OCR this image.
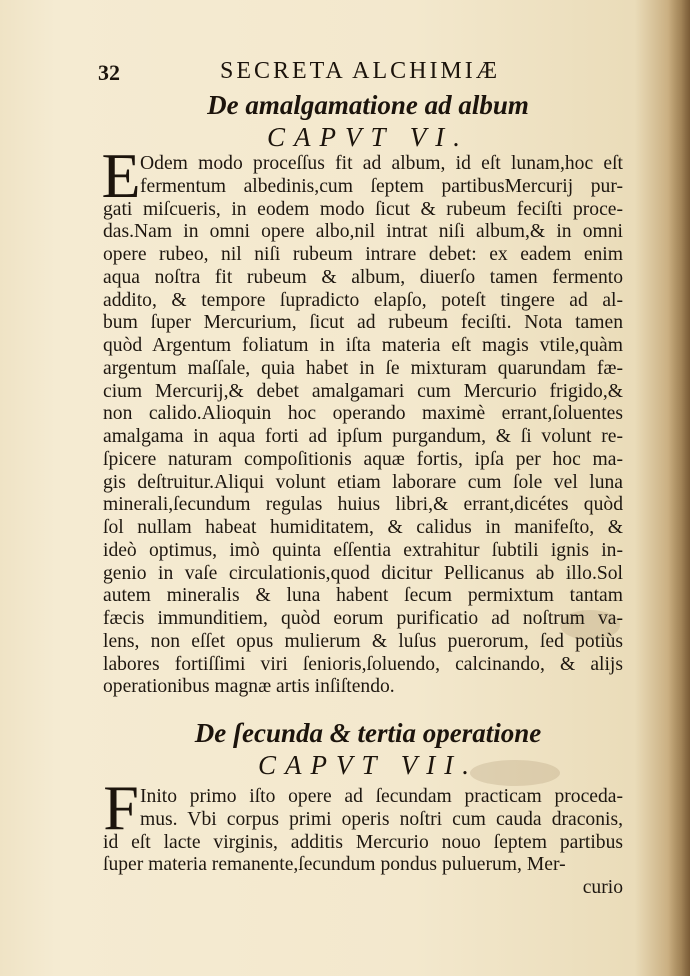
32	SECRETA ALCHIMIÆ
De amalgamatione ad album
CAPVT VI.
E Odem modo proceſſus fit ad album, id eſt lunam,hoc eſt
fermentum albedinis,cum ſeptem partibusMercurij pur-
gati miſcueris, in eodem modo ſicut & rubeum feciſti proce-
das.Nam in omni opere albo,nil intrat niſi album,& in omni
opere rubeo, nil niſi rubeum intrare debet: ex eadem enim
aqua noſtra fit rubeum & album, diuerſo tamen fermento
addito, & tempore ſupradicto elapſo, poteſt tingere ad al-
bum ſuper Mercurium, ſicut ad rubeum feciſti. Nota tamen
quòd Argentum foliatum in iſta materia eſt magis vtile,quàm
argentum maſſale, quia habet in ſe mixturam quarundam fæ-
cium Mercurij,& debet amalgamari cum Mercurio frigido,&
non calido.Alioquin hoc operando maximè errant,ſoluentes
amalgama in aqua forti ad ipſum purgandum, & ſi volunt re-
ſpicere naturam compoſitionis aquæ fortis, ipſa per hoc ma-
gis deſtruitur.Aliqui volunt etiam laborare cum ſole vel luna
minerali,ſecundum regulas huius libri,& errant,dicétes quòd
ſol nullam habeat humiditatem, & calidus in manifeſto, &
ideò optimus, imò quinta eſſentia extrahitur ſubtili ignis in-
genio in vaſe circulationis,quod dicitur Pellicanus ab illo.Sol
autem mineralis & luna habent ſecum permixtum tantam
fæcis immunditiem, quòd eorum purificatio ad noſtrum va-
lens, non eſſet opus mulierum & luſus puerorum, ſed potiùs
labores fortiſſimi viri ſenioris,ſoluendo, calcinando, & alijs
operationibus magnæ artis inſiſtendo.
De ſecunda & tertia operatione
CAPVT VII.
F Inito primo iſto opere ad ſecundam practicam proceda-
mus. Vbi corpus primi operis noſtri cum cauda draconis,
id eſt lacte virginis, additis Mercurio nouo ſeptem partibus
ſuper materia remanente,ſecundum pondus puluerum, Mer-
curio
